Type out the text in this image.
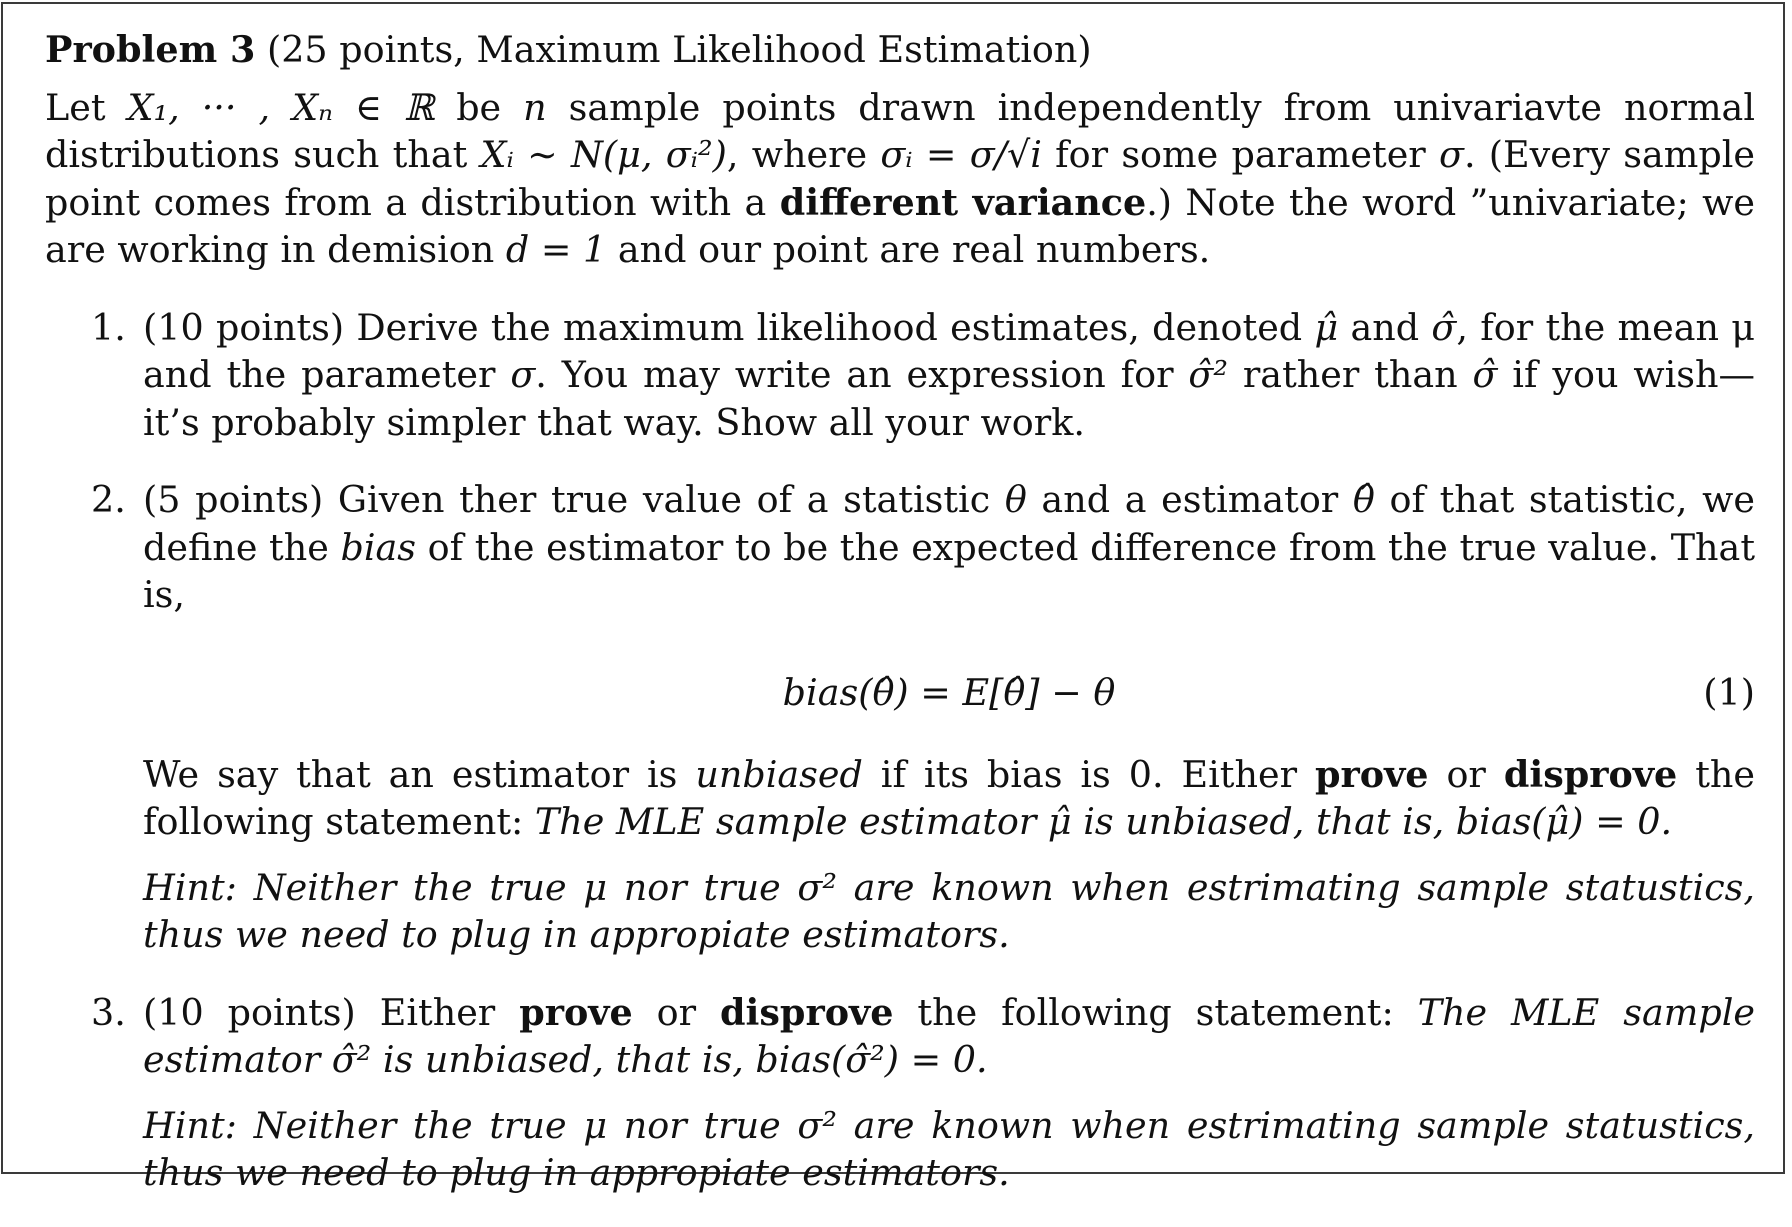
Problem 3 (25 points, Maximum Likelihood Estimation)

Let X₁, ··· , Xₙ ∈ ℝ be n sample points drawn independently from univariavte normal distributions such that Xᵢ ∼ N(μ, σᵢ²), where σᵢ = σ/√i for some parameter σ. (Every sample point comes from a distribution with a different variance.) Note the word ”univariate; we are working in demision d = 1 and our point are real numbers.

1. (10 points) Derive the maximum likelihood estimates, denoted μ̂ and σ̂, for the mean μ and the parameter σ. You may write an expression for σ̂² rather than σ̂ if you wish—it’s probably simpler that way. Show all your work.

2. (5 points) Given ther true value of a statistic θ and a estimator θ̂ of that statistic, we define the bias of the estimator to be the expected difference from the true value. That is,

bias(θ̂) = E[θ̂] − θ	(1)

We say that an estimator is unbiased if its bias is 0. Either prove or disprove the following statement: The MLE sample estimator μ̂ is unbiased, that is, bias(μ̂) = 0.

Hint: Neither the true μ nor true σ² are known when estrimating sample statustics, thus we need to plug in appropiate estimators.

3. (10 points) Either prove or disprove the following statement: The MLE sample estimator σ̂² is unbiased, that is, bias(σ̂²) = 0.

Hint: Neither the true μ nor true σ² are known when estrimating sample statustics, thus we need to plug in appropiate estimators.
